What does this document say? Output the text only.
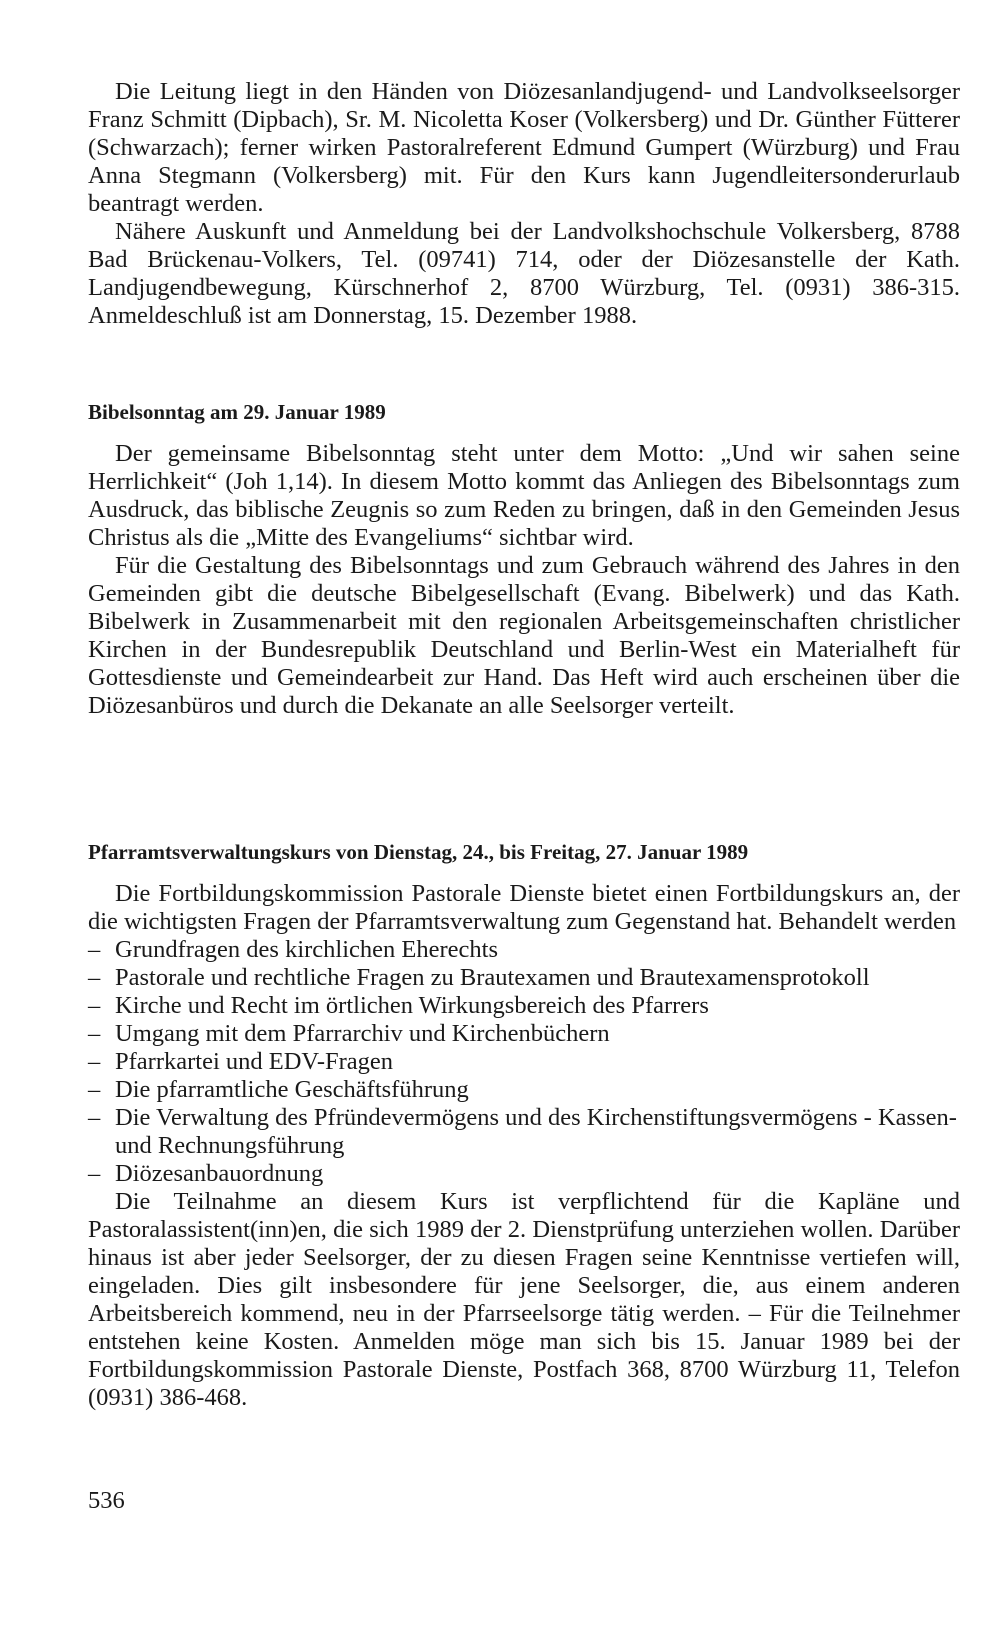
Die Leitung liegt in den Händen von Diözesanlandjugend- und Landvolkseelsorger Franz Schmitt (Dipbach), Sr. M. Nicoletta Koser (Volkersberg) und Dr. Günther Fütterer (Schwarzach); ferner wirken Pastoralreferent Edmund Gumpert (Würzburg) und Frau Anna Stegmann (Volkersberg) mit. Für den Kurs kann Jugendleitersonderurlaub beantragt werden.

Nähere Auskunft und Anmeldung bei der Landvolkshochschule Volkersberg, 8788 Bad Brückenau-Volkers, Tel. (09741) 714, oder der Diözesanstelle der Kath. Landjugendbewegung, Kürschnerhof 2, 8700 Würzburg, Tel. (0931) 386-315. Anmeldeschluß ist am Donnerstag, 15. Dezember 1988.

Bibelsonntag am 29. Januar 1989

Der gemeinsame Bibelsonntag steht unter dem Motto: „Und wir sahen seine Herrlichkeit“ (Joh 1,14). In diesem Motto kommt das Anliegen des Bibelsonntags zum Ausdruck, das biblische Zeugnis so zum Reden zu bringen, daß in den Gemeinden Jesus Christus als die „Mitte des Evangeliums“ sichtbar wird.

Für die Gestaltung des Bibelsonntags und zum Gebrauch während des Jahres in den Gemeinden gibt die deutsche Bibelgesellschaft (Evang. Bibelwerk) und das Kath. Bibelwerk in Zusammenarbeit mit den regionalen Arbeitsgemeinschaften christlicher Kirchen in der Bundesrepublik Deutschland und Berlin-West ein Materialheft für Gottesdienste und Gemeindearbeit zur Hand. Das Heft wird auch erscheinen über die Diözesanbüros und durch die Dekanate an alle Seelsorger verteilt.

Pfarramtsverwaltungskurs von Dienstag, 24., bis Freitag, 27. Januar 1989

Die Fortbildungskommission Pastorale Dienste bietet einen Fortbildungskurs an, der die wichtigsten Fragen der Pfarramtsverwaltung zum Gegenstand hat. Behandelt werden

– Grundfragen des kirchlichen Eherechts
– Pastorale und rechtliche Fragen zu Brautexamen und Brautexamensprotokoll
– Kirche und Recht im örtlichen Wirkungsbereich des Pfarrers
– Umgang mit dem Pfarrarchiv und Kirchenbüchern
– Pfarrkartei und EDV-Fragen
– Die pfarramtliche Geschäftsführung
– Die Verwaltung des Pfründevermögens und des Kirchenstiftungsvermögens - Kassen- und Rechnungsführung
– Diözesanbauordnung

Die Teilnahme an diesem Kurs ist verpflichtend für die Kapläne und Pastoralassistent(inn)en, die sich 1989 der 2. Dienstprüfung unterziehen wollen. Darüber hinaus ist aber jeder Seelsorger, der zu diesen Fragen seine Kenntnisse vertiefen will, eingeladen. Dies gilt insbesondere für jene Seelsorger, die, aus einem anderen Arbeitsbereich kommend, neu in der Pfarrseelsorge tätig werden. – Für die Teilnehmer entstehen keine Kosten. Anmelden möge man sich bis 15. Januar 1989 bei der Fortbildungskommission Pastorale Dienste, Postfach 368, 8700 Würzburg 11, Telefon (0931) 386-468.

536
